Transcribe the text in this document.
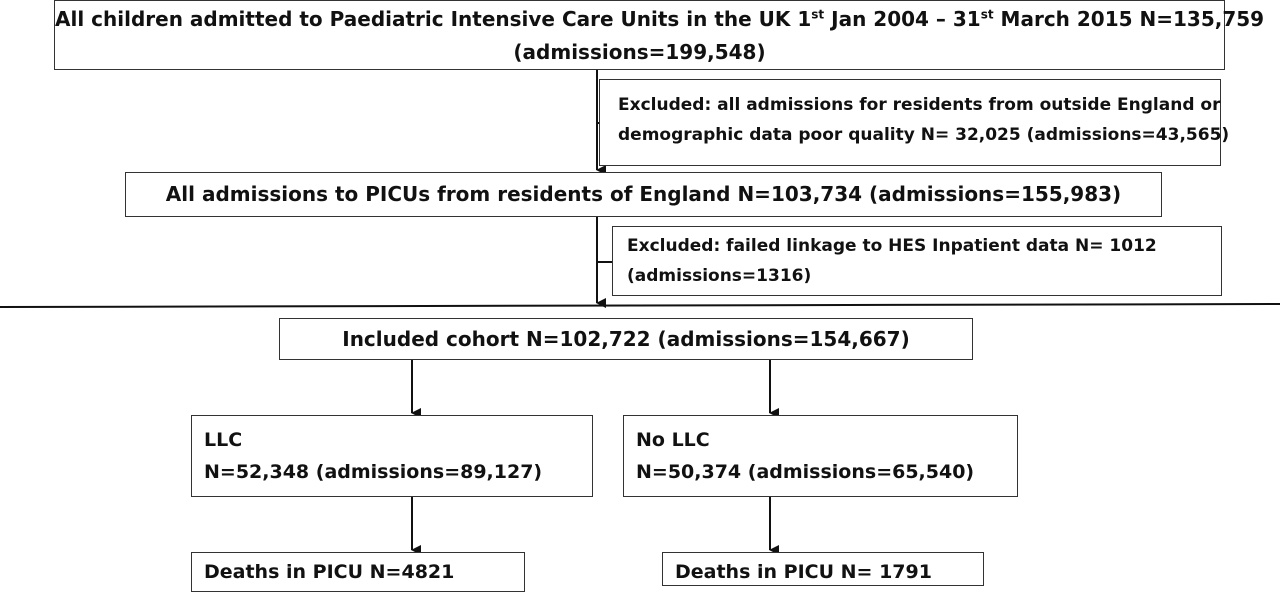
All children admitted to Paediatric Intensive Care Units in the UK 1st Jan 2004 – 31st March 2015 N=135,759
(admissions=199,548)
Excluded: all admissions for residents from outside England or
demographic data poor quality N= 32,025 (admissions=43,565)
All admissions to PICUs from residents of England N=103,734 (admissions=155,983)
Excluded: failed linkage to HES Inpatient data N= 1012
(admissions=1316)
Included cohort N=102,722 (admissions=154,667)
LLC
N=52,348 (admissions=89,127)
No LLC
N=50,374 (admissions=65,540)
Deaths in PICU N=4821	Deaths in PICU N= 1791
